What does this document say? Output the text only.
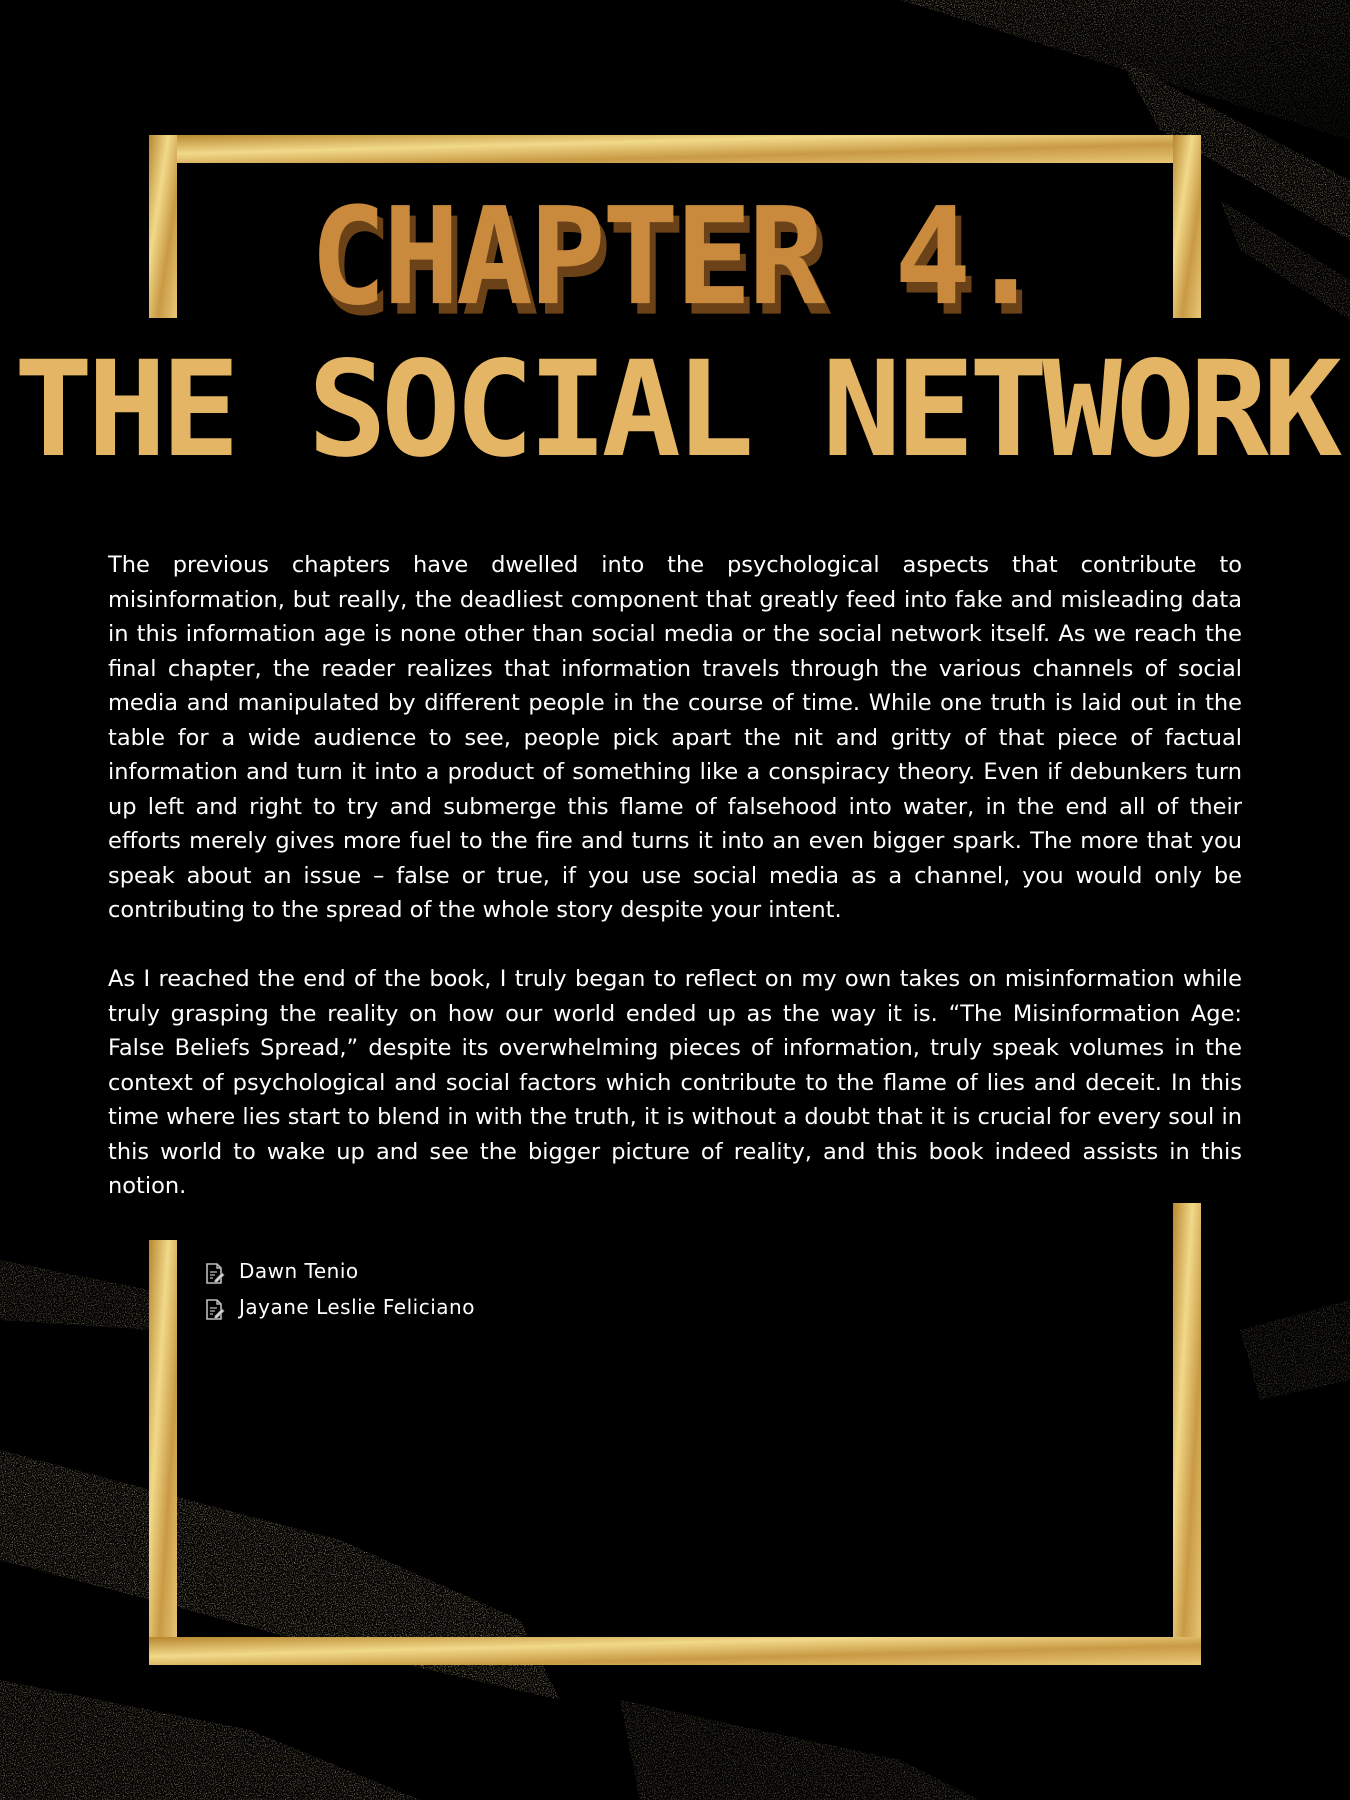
CHAPTER 4.
THE SOCIAL NETWORK

The previous chapters have dwelled into the psychological aspects that contribute to misinformation, but really, the deadliest component that greatly feed into fake and misleading data in this information age is none other than social media or the social network itself. As we reach the final chapter, the reader realizes that information travels through the various channels of social media and manipulated by different people in the course of time. While one truth is laid out in the table for a wide audience to see, people pick apart the nit and gritty of that piece of factual information and turn it into a product of something like a conspiracy theory. Even if debunkers turn up left and right to try and submerge this flame of falsehood into water, in the end all of their efforts merely gives more fuel to the fire and turns it into an even bigger spark. The more that you speak about an issue – false or true, if you use social media as a channel, you would only be contributing to the spread of the whole story despite your intent.

As I reached the end of the book, I truly began to reflect on my own takes on misinformation while truly grasping the reality on how our world ended up as the way it is. “The Misinformation Age: False Beliefs Spread,” despite its overwhelming pieces of information, truly speak volumes in the context of psychological and social factors which contribute to the flame of lies and deceit. In this time where lies start to blend in with the truth, it is without a doubt that it is crucial for every soul in this world to wake up and see the bigger picture of reality, and this book indeed assists in this notion.

Dawn Tenio
Jayane Leslie Feliciano
